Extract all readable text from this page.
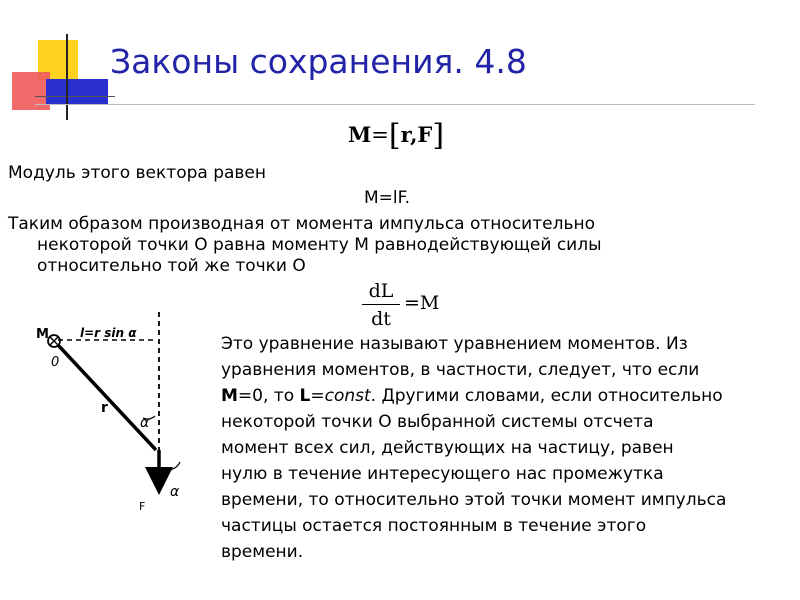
Законы сохранения. 4.8
M=[r,F]
Модуль этого вектора равен
M=lF.
Таким образом производная от момента импульса относительно
некоторой точки О равна моменту М равнодействующей силы
относительно той же точки О
dL
dt
=M
M
0
l=r sin α
r
α
α
F
Это уравнение называют уравнением моментов. Из
уравнения моментов, в частности, следует, что если
M=0, то L=const. Другими словами, если относительно
некоторой точки О выбранной системы отсчета
момент всех сил, действующих на частицу, равен
нулю в течение интересующего нас промежутка
времени, то относительно этой точки момент импульса
частицы остается постоянным в течение этого
времени.
